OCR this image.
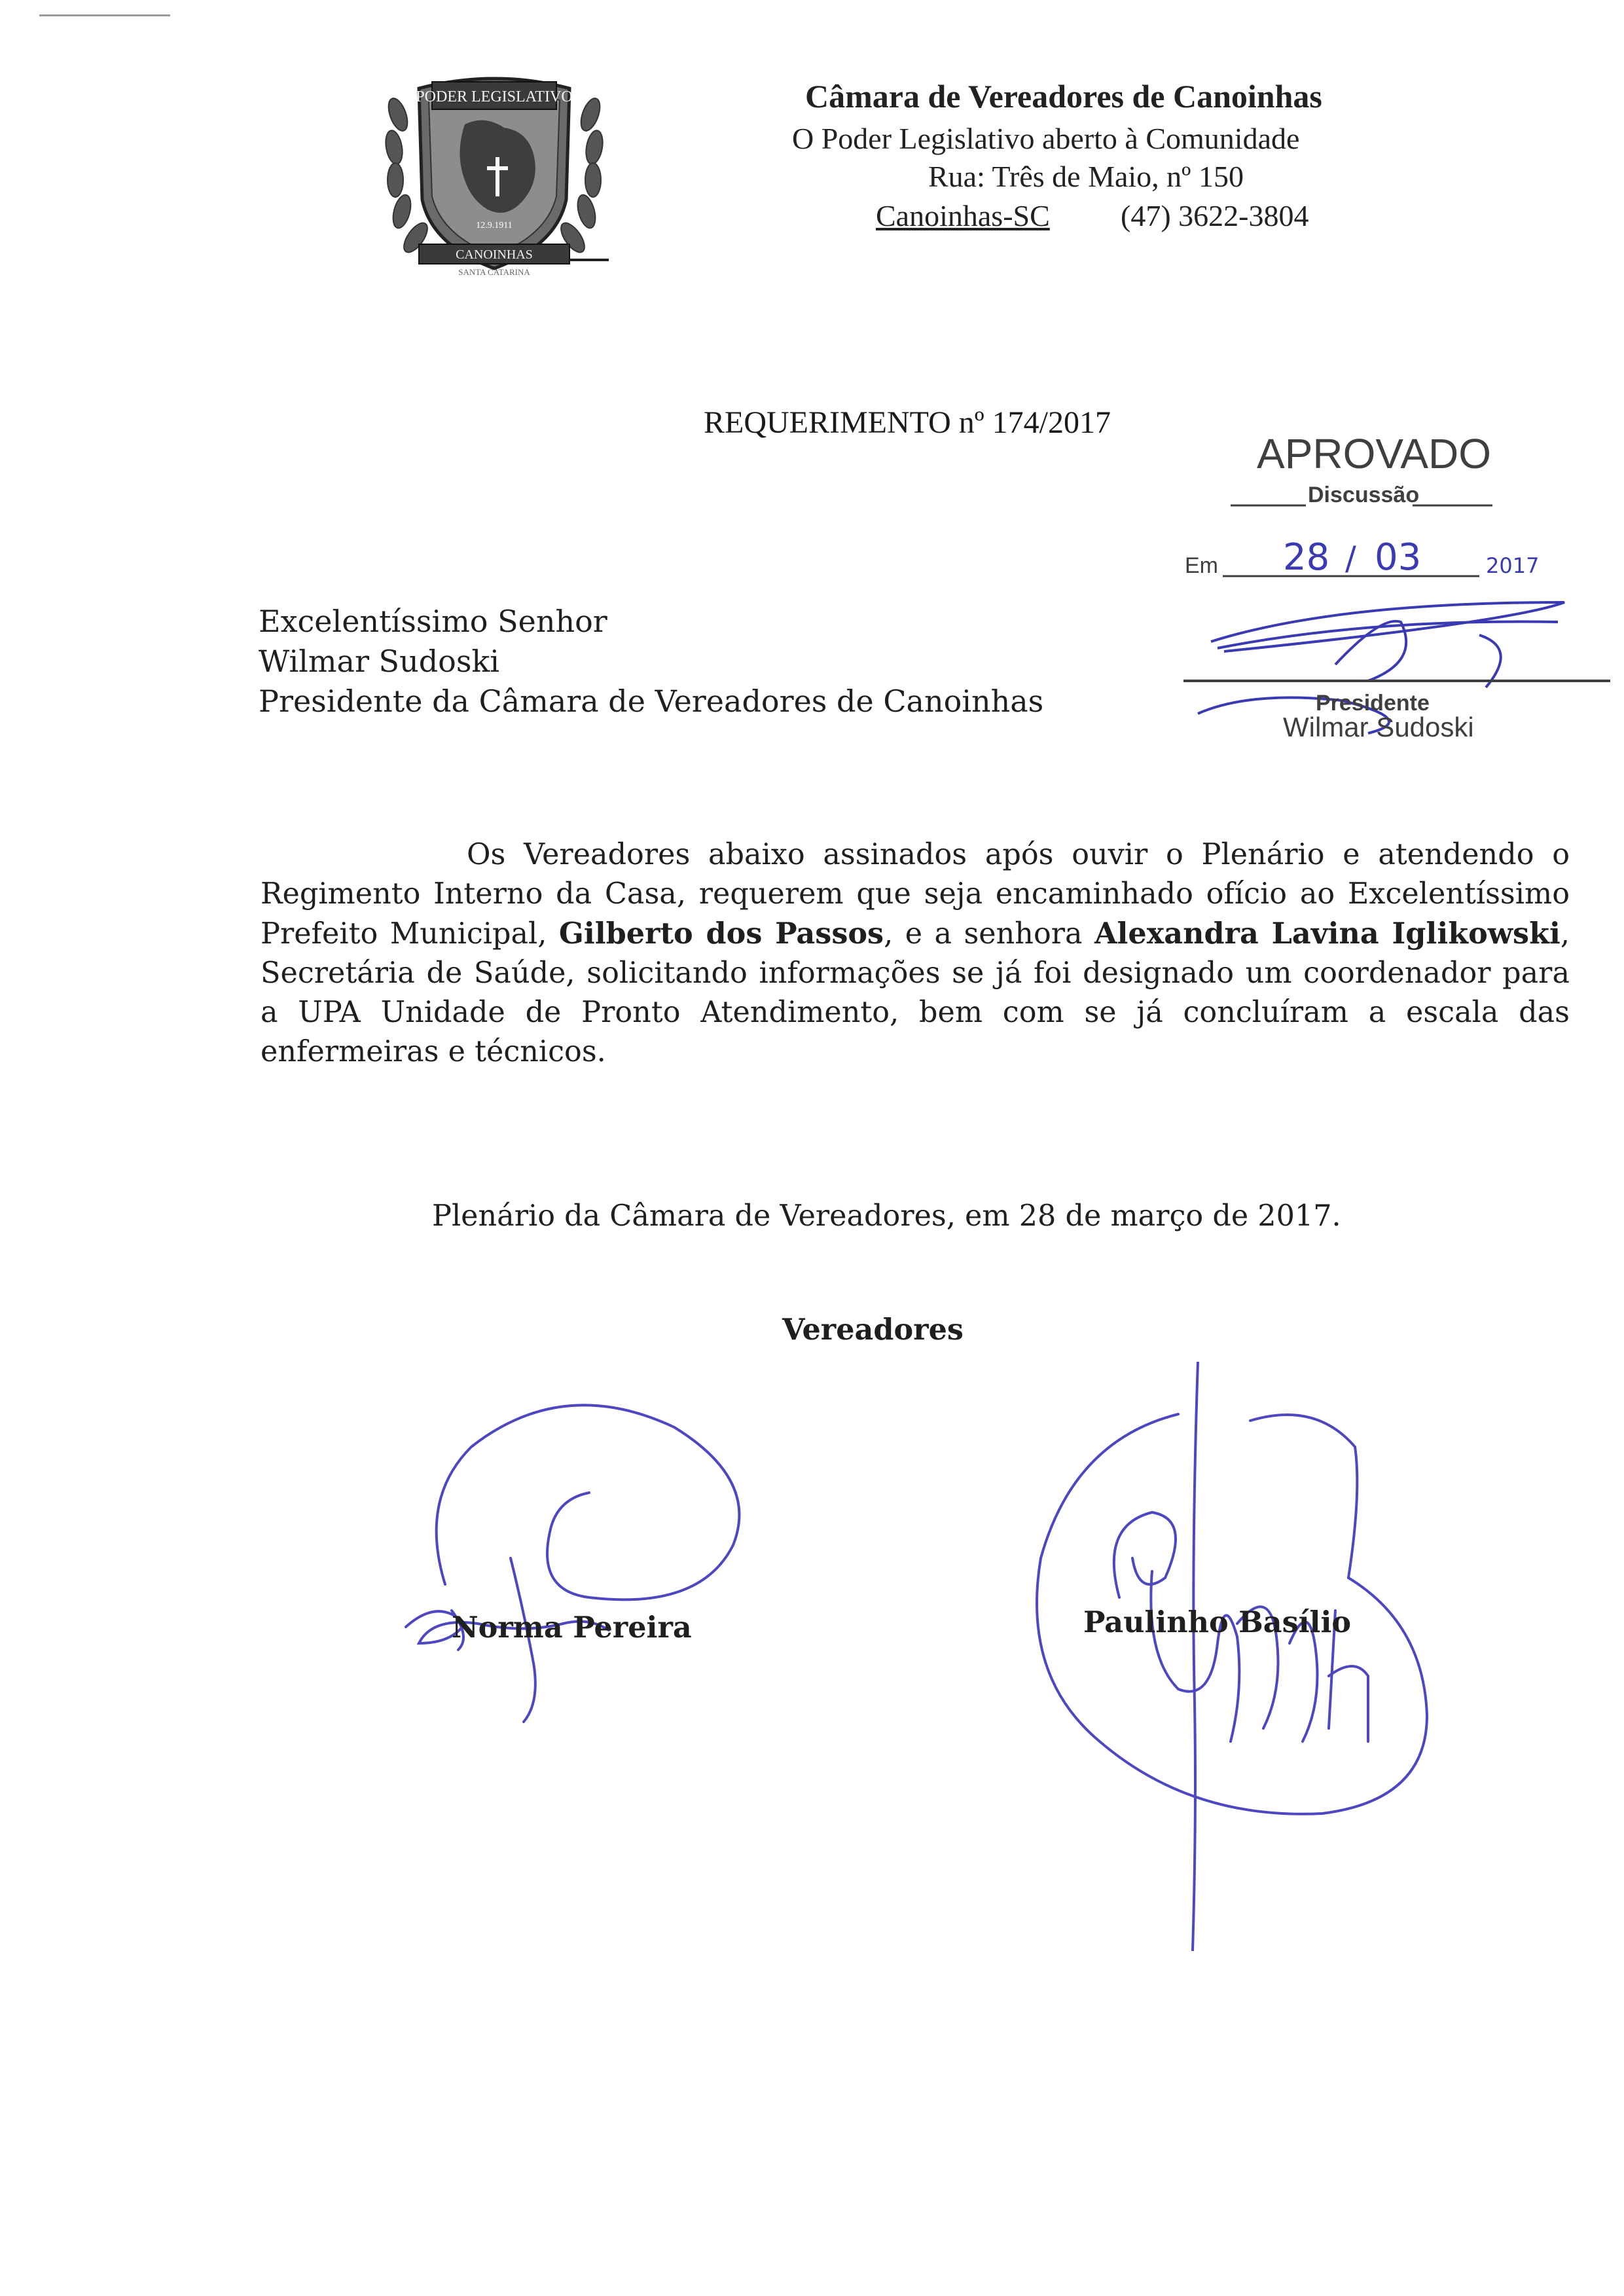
PODER LEGISLATIVO
12.9.1911
CANOINHAS
SANTA CATARINA
Câmara de Vereadores de Canoinhas
O Poder Legislativo aberto à Comunidade
Rua: Três de Maio, nº 150
Canoinhas-SC (47) 3622-3804
REQUERIMENTO nº 174/2017
APROVADO
Discussão
Em 28 / 03	2017
Presidente
Wilmar Sudoski
Excelentíssimo Senhor
Wilmar Sudoski
Presidente da Câmara de Vereadores de Canoinhas

Os Vereadores abaixo assinados após ouvir o Plenário e atendendo o Regimento Interno da Casa, requerem que seja encaminhado ofício ao Excelentíssimo Prefeito Municipal, Gilberto dos Passos, e a senhora Alexandra Lavina Iglikowski, Secretária de Saúde, solicitando informações se já foi designado um coordenador para a UPA Unidade de Pronto Atendimento, bem com se já concluíram a escala das enfermeiras e técnicos.

Plenário da Câmara de Vereadores, em 28 de março de 2017.
Vereadores
Norma Pereira	Paulinho Basílio
